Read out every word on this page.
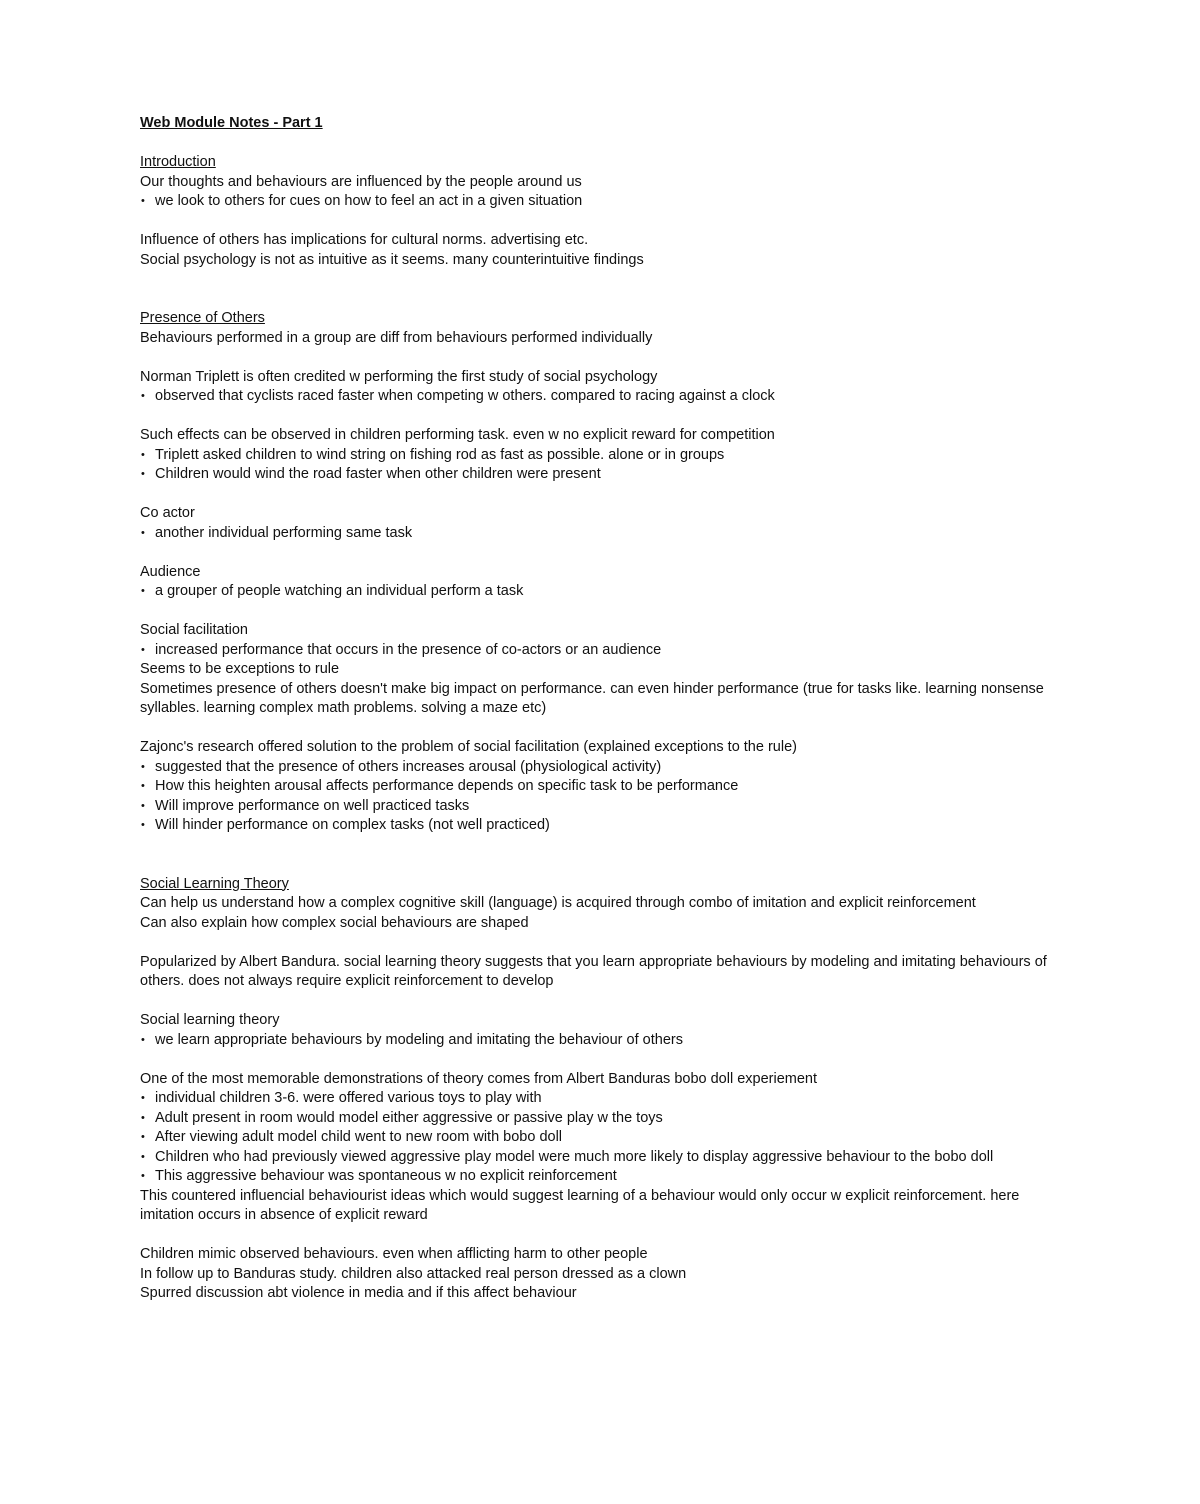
Web Module Notes - Part 1
Introduction
Our thoughts and behaviours are influenced by the people around us
• we look to others for cues on how to feel an act in a given situation
Influence of others has implications for cultural norms. advertising etc.
Social psychology is not as intuitive as it seems. many counterintuitive findings
Presence of Others
Behaviours performed in a group are diff from behaviours performed individually
Norman Triplett is often credited w performing the first study of social psychology
• observed that cyclists raced faster when competing w others. compared to racing against a clock
Such effects can be observed in children performing task. even w no explicit reward for competition
• Triplett asked children to wind string on fishing rod as fast as possible. alone or in groups
• Children would wind the road faster when other children were present
Co actor
• another individual performing same task
Audience
• a grouper of people watching an individual perform a task
Social facilitation
• increased performance that occurs in the presence of co-actors or an audience
Seems to be exceptions to rule
Sometimes presence of others doesn't make big impact on performance. can even hinder performance (true for tasks like. learning nonsense syllables. learning complex math problems. solving a maze etc)
Zajonc's research offered solution to the problem of social facilitation (explained exceptions to the rule)
• suggested that the presence of others increases arousal (physiological activity)
• How this heighten arousal affects performance depends on specific task to be performance
• Will improve performance on well practiced tasks
• Will hinder performance on complex tasks (not well practiced)
Social Learning Theory
Can help us understand how a complex cognitive skill (language) is acquired through combo of imitation and explicit reinforcement
Can also explain how complex social behaviours are shaped
Popularized by Albert Bandura. social learning theory suggests that you learn appropriate behaviours by modeling and imitating behaviours of others. does not always require explicit reinforcement to develop
Social learning theory
• we learn appropriate behaviours by modeling and imitating the behaviour of others
One of the most memorable demonstrations of theory comes from Albert Banduras bobo doll experiement
• individual children 3-6. were offered various toys to play with
• Adult present in room would model either aggressive or passive play w the toys
• After viewing adult model child went to new room with bobo doll
• Children who had previously viewed aggressive play model were much more likely to display aggressive behaviour to the bobo doll
• This aggressive behaviour was spontaneous w no explicit reinforcement
This countered influencial behaviourist ideas which would suggest learning of a behaviour would only occur w explicit reinforcement. here imitation occurs in absence of explicit reward
Children mimic observed behaviours. even when afflicting harm to other people
In follow up to Banduras study. children also attacked real person dressed as a clown
Spurred discussion abt violence in media and if this affect behaviour
